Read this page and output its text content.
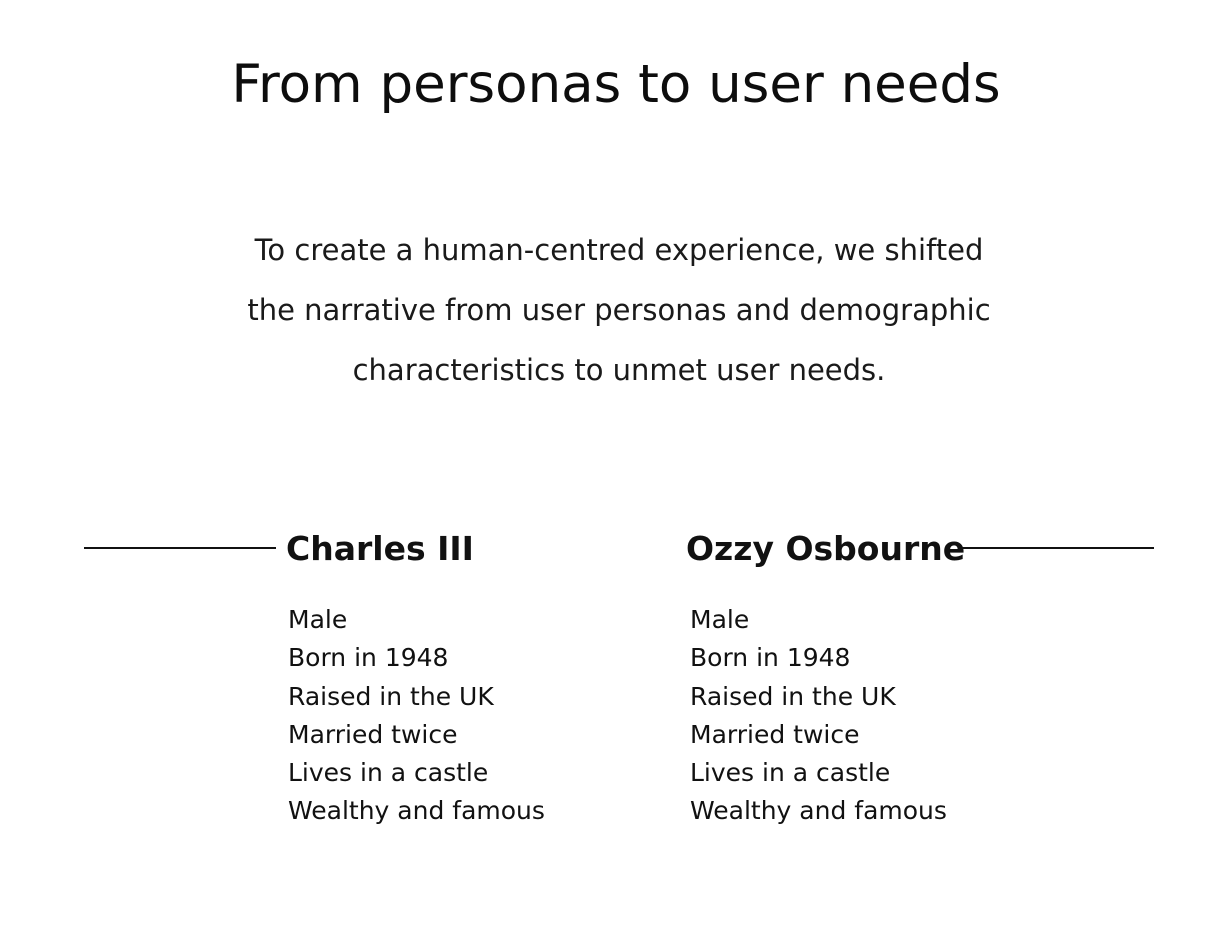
From personas to user needs

To create a human-centred experience, we shifted
the narrative from user personas and demographic
characteristics to unmet user needs.

Charles III
Male
Born in 1948
Raised in the UK
Married twice
Lives in a castle
Wealthy and famous
Ozzy Osbourne
Male
Born in 1948
Raised in the UK
Married twice
Lives in a castle
Wealthy and famous
